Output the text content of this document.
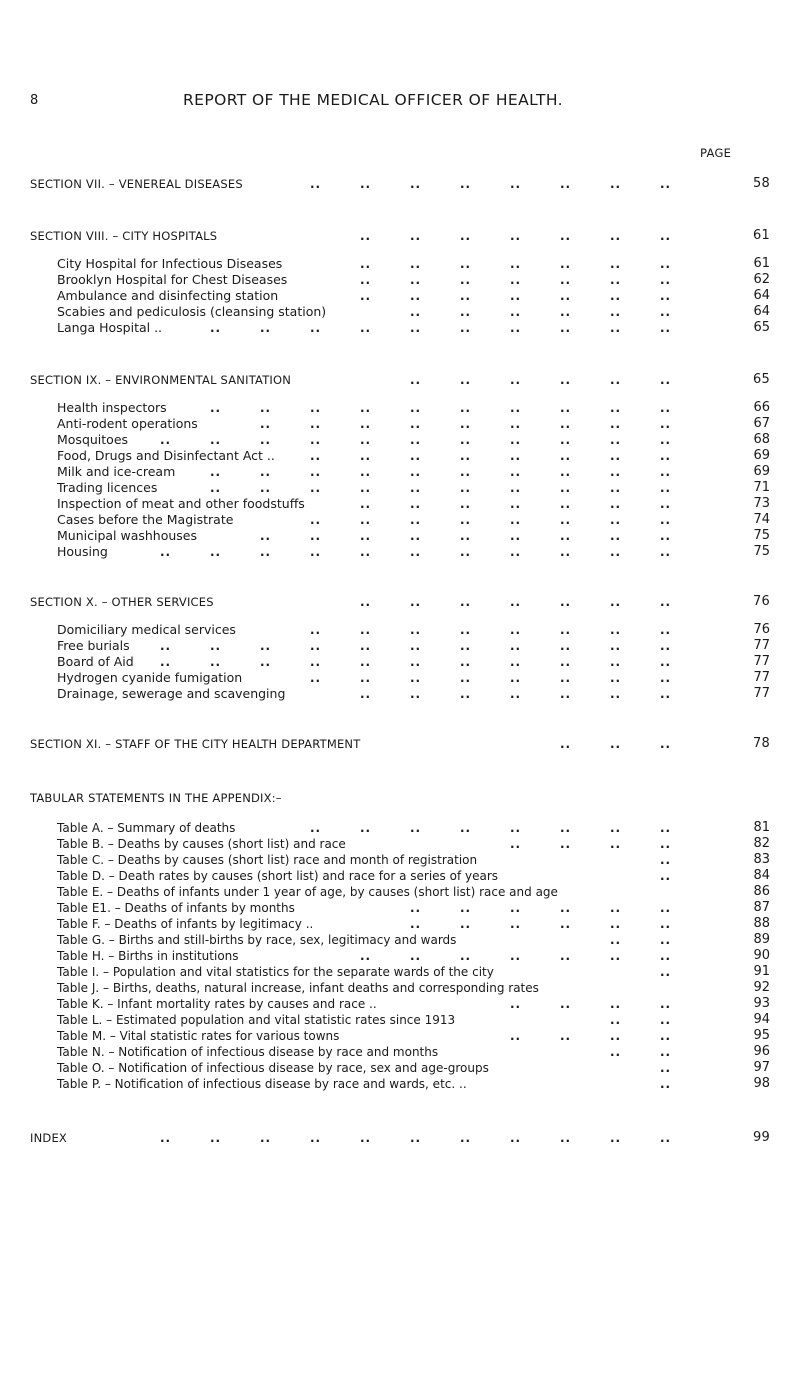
8	REPORT OF THE MEDICAL OFFICER OF HEALTH.
PAGE
..	..	..	..	..	..	..	..
SECTION VII. – VENEREAL DISEASES	58
..	..	..	..	..	..	..
SECTION VIII. – CITY HOSPITALS	61
..	..	..	..	..	..	..
City Hospital for Infectious Diseases	61
..	..	..	..	..	..	..
Brooklyn Hospital for Chest Diseases	62
..	..	..	..	..	..	..
Ambulance and disinfecting station	64
..	..	..	..	..	..
Scabies and pediculosis (cleansing station)	64
..	..	..	..	..	..	..	..	..	..
Langa Hospital ..	65
..	..	..	..	..	..
SECTION IX. – ENVIRONMENTAL SANITATION	65
..	..	..	..	..	..	..	..	..	..
Health inspectors	66
..	..	..	..	..	..	..	..	..
Anti-rodent operations	67
..	..	..	..	..	..	..	..	..	..	..
Mosquitoes	68
..	..	..	..	..	..	..	..
Food, Drugs and Disinfectant Act ..	69
..	..	..	..	..	..	..	..	..	..
Milk and ice-cream	69
..	..	..	..	..	..	..	..	..	..
Trading licences	71
..	..	..	..	..	..	..
Inspection of meat and other foodstuffs	73
..	..	..	..	..	..	..	..
Cases before the Magistrate	74
..	..	..	..	..	..	..	..	..
Municipal washhouses	75
..	..	..	..	..	..	..	..	..	..	..
Housing	75
..	..	..	..	..	..	..
SECTION X. – OTHER SERVICES	76
..	..	..	..	..	..	..	..
Domiciliary medical services	76
..	..	..	..	..	..	..	..	..	..	..
Free burials	77
..	..	..	..	..	..	..	..	..	..	..
Board of Aid	77
..	..	..	..	..	..	..	..
Hydrogen cyanide fumigation	77
..	..	..	..	..	..	..
Drainage, sewerage and scavenging	77
..	..	..
SECTION XI. – STAFF OF THE CITY HEALTH DEPARTMENT	78
TABULAR STATEMENTS IN THE APPENDIX:–
..	..	..	..	..	..	..	..
Table A. – Summary of deaths	81
..	..	..	..
Table B. – Deaths by causes (short list) and race	82
..
Table C. – Deaths by causes (short list) race and month of registration	83
..
Table D. – Death rates by causes (short list) and race for a series of years	84
Table E. – Deaths of infants under 1 year of age, by causes (short list) race and age	86
..	..	..	..	..	..
Table E1. – Deaths of infants by months	87
..	..	..	..	..	..
Table F. – Deaths of infants by legitimacy ..	88
..	..
Table G. – Births and still-births by race, sex, legitimacy and wards	89
..	..	..	..	..	..	..
Table H. – Births in institutions	90
..
Table I. – Population and vital statistics for the separate wards of the city	91
Table J. – Births, deaths, natural increase, infant deaths and corresponding rates	92
..	..	..	..
Table K. – Infant mortality rates by causes and race ..	93
..	..
Table L. – Estimated population and vital statistic rates since 1913	94
..	..	..	..
Table M. – Vital statistic rates for various towns	95
..	..
Table N. – Notification of infectious disease by race and months	96
..
Table O. – Notification of infectious disease by race, sex and age-groups	97
..
Table P. – Notification of infectious disease by race and wards, etc. ..	98
..	..	..	..	..	..	..	..	..	..	..
INDEX	99
